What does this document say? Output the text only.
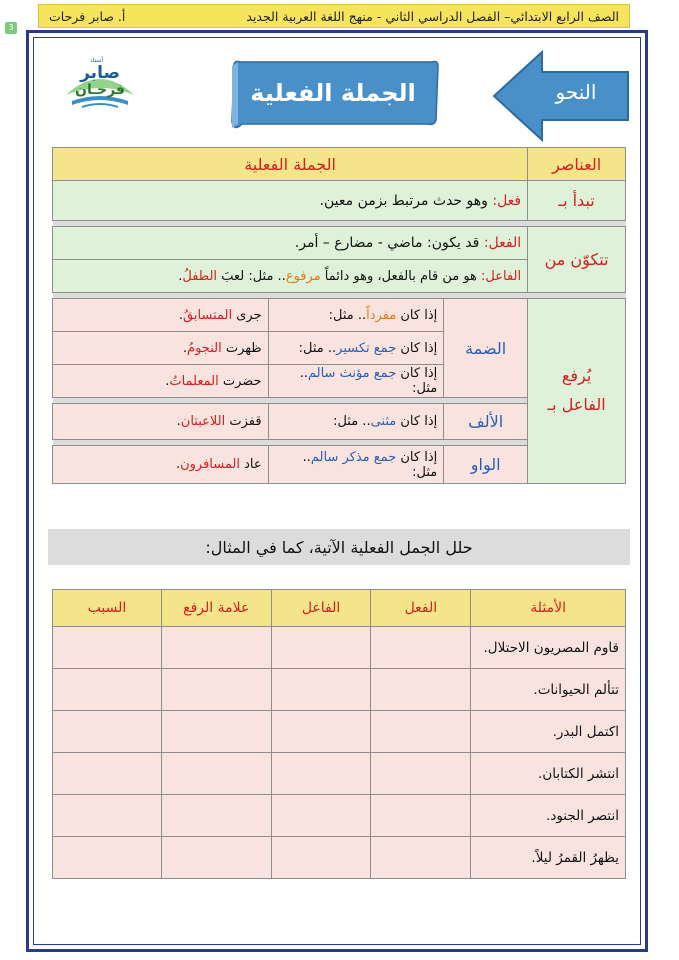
الصف الرابع الابتدائي– الفصل الدراسي الثاني - منهج اللغة العربية الجديد
أ. صابر فرحات
3
أستاذ
صابر
فرحـان	الجملة الفعلية	النحو
العناصر	الجملة الفعلية		
تبدأ بـ	فعل: وهو حدث مرتبط بزمن معين.		

تتكوّن من	الفعل: قد يكون: ماضي - مضارع – أمر.		
	الفاعل: هو من قام بالفعل، وهو دائماً مرفوع.. مثل: لعبَ الطفلُ.		

يُرفع
الفاعل بـ	الضمة	إذا كان مفرداً.. مثل:	جرى المتسابقُ.
		إذا كان جمع تكسير.. مثل:	ظهرت النجومُ.
		إذا كان جمع مؤنث سالم.. مثل:	حضرت المعلماتُ.

	الألف	إذا كان مثنى.. مثل:	قفزت اللاعبتان.

	الواو	إذا كان جمع مذكر سالم.. مثل:	عاد المسافرون.
حلل الجمل الفعلية الآتية، كما في المثال:
الأمثلة	الفعل	الفاعل	علامة الرفع	السبب
قاوم المصريون الاحتلال.				
تتألم الحيوانات.				
اكتمل البدر.				
انتشر الكتابان.				
انتصر الجنود.				
يظهرُ القمرُ ليلاً.				
